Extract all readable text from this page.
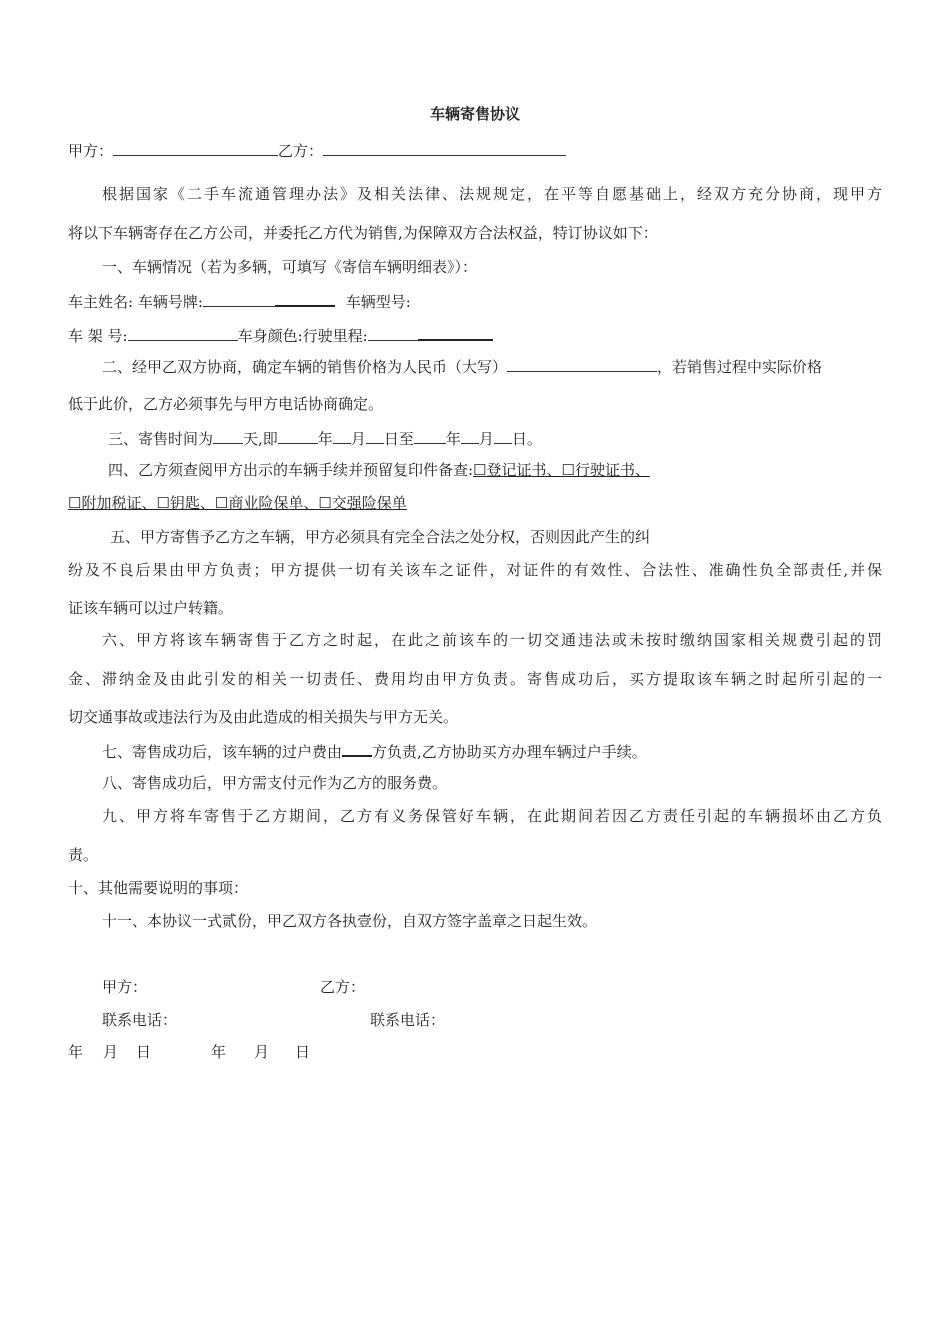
车辆寄售协议
甲方：	乙方：
根据国家《二手车流通管理办法》及相关法律、法规规定，在平等自愿基础上，经双方充分协商，现甲方
将以下车辆寄存在乙方公司，并委托乙方代为销售,为保障双方合法权益，特订协议如下：
一、车辆情况（若为多辆，可填写《寄信车辆明细表》）：
车主姓名: 车辆号牌:	车辆型号:
车 架 号:	车身颜色:行驶里程:
二、经甲乙双方协商，确定车辆的销售价格为人民币（大写）	，若销售过程中实际价格
低于此价，乙方必须事先与甲方电话协商确定。
三、寄售时间为 天,即	年 月 日至 年 月 日。
四、乙方须查阅甲方出示的车辆手续并预留复印件备查:☐登记证书、☐行驶证书、
☐附加税证、☐钥匙、☐商业险保单、☐交强险保单
五、甲方寄售予乙方之车辆，甲方必须具有完全合法之处分权，否则因此产生的纠
纷及不良后果由甲方负责；甲方提供一切有关该车之证件，对证件的有效性、合法性、准确性负全部责任,并保
证该车辆可以过户转籍。
六、甲方将该车辆寄售于乙方之时起，在此之前该车的一切交通违法或未按时缴纳国家相关规费引起的罚
金、滞纳金及由此引发的相关一切责任、费用均由甲方负责。寄售成功后，买方提取该车辆之时起所引起的一
切交通事故或违法行为及由此造成的相关损失与甲方无关。
七、寄售成功后，该车辆的过户费由 方负责,乙方协助买方办理车辆过户手续。
八、寄售成功后，甲方需支付元作为乙方的服务费。
九、甲方将车寄售于乙方期间，乙方有义务保管好车辆，在此期间若因乙方责任引起的车辆损坏由乙方负
责。
十、其他需要说明的事项：
十一、本协议一式贰份，甲乙双方各执壹份，自双方签字盖章之日起生效。
甲方：	乙方：
联系电话：	联系电话：
年 月 日	年 月 日
